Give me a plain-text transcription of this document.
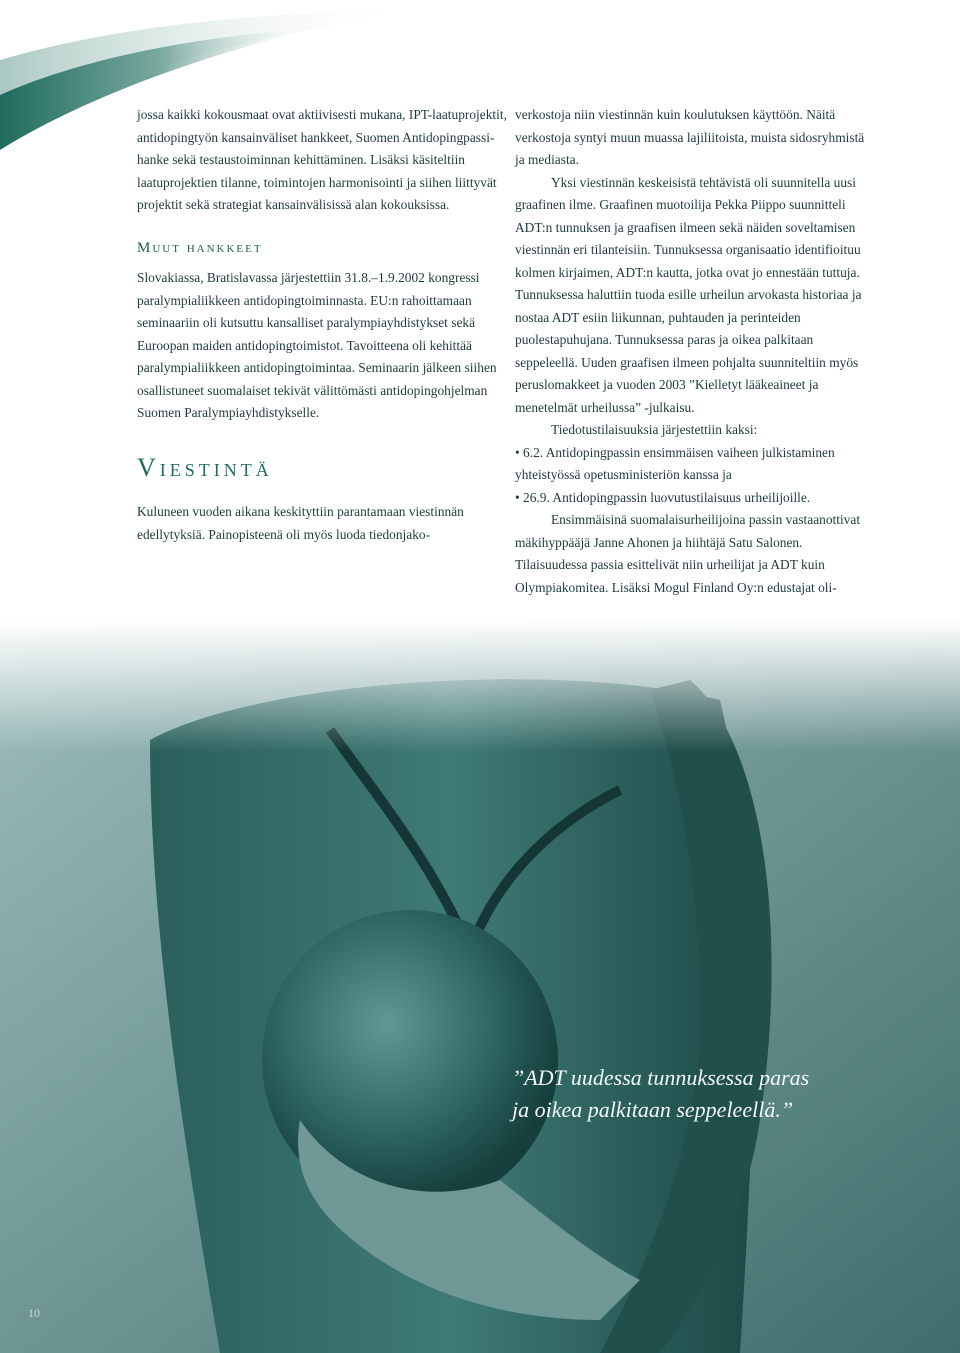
jossa kaikki kokousmaat ovat aktiivisesti mukana, IPT-laatuprojektit, antidopingtyön kansainväliset hankkeet, Suomen Antidopingpassi-hanke sekä testaustoiminnan kehittäminen. Lisäksi käsiteltiin laatuprojektien tilanne, toimintojen harmonisointi ja siihen liittyvät projektit sekä strategiat kansainvälisissä alan kokouksissa.

Muut hankkeet

Slovakiassa, Bratislavassa järjestettiin 31.8.–1.9.2002 kongressi paralympialiikkeen antidopingtoiminnasta. EU:n rahoittamaan seminaariin oli kutsuttu kansalliset paralympiayhdistykset sekä Euroopan maiden antidopingtoimistot. Tavoitteena oli kehittää paralympialiikkeen antidopingtoimintaa. Seminaarin jälkeen siihen osallistuneet suomalaiset tekivät välittömästi antidopingohjelman Suomen Paralympiayhdistykselle.

Viestintä

Kuluneen vuoden aikana keskityttiin parantamaan viestinnän edellytyksiä. Painopisteenä oli myös luoda tiedonjako-

verkostoja niin viestinnän kuin koulutuksen käyttöön. Näitä verkostoja syntyi muun muassa lajiliitoista, muista sidosryhmistä ja mediasta.

Yksi viestinnän keskeisistä tehtävistä oli suunnitella uusi graafinen ilme. Graafinen muotoilija Pekka Piippo suunnitteli ADT:n tunnuksen ja graafisen ilmeen sekä näiden soveltamisen viestinnän eri tilanteisiin. Tunnuksessa organisaatio identifioituu kolmen kirjaimen, ADT:n kautta, jotka ovat jo ennestään tuttuja. Tunnuksessa haluttiin tuoda esille urheilun arvokasta historiaa ja nostaa ADT esiin liikunnan, puhtauden ja perinteiden puolestapuhujana. Tunnuksessa paras ja oikea palkitaan seppeleellä. Uuden graafisen ilmeen pohjalta suunniteltiin myös peruslomakkeet ja vuoden 2003 ”Kielletyt lääkeaineet ja menetelmät urheilussa” -julkaisu.

Tiedotustilaisuuksia järjestettiin kaksi:

• 6.2. Antidopingpassin ensimmäisen vaiheen julkistaminen yhteistyössä opetusministeriön kanssa ja

• 26.9. Antidopingpassin luovutustilaisuus urheilijoille.

Ensimmäisinä suomalaisurheilijoina passin vastaanottivat mäkihyppääjä Janne Ahonen ja hiihtäjä Satu Salonen. Tilaisuudessa passia esittelivät niin urheilijat ja ADT kuin Olympiakomitea. Lisäksi Mogul Finland Oy:n edustajat oli-

”ADT uudessa tunnuksessa paras
ja oikea palkitaan seppeleellä.”
10
